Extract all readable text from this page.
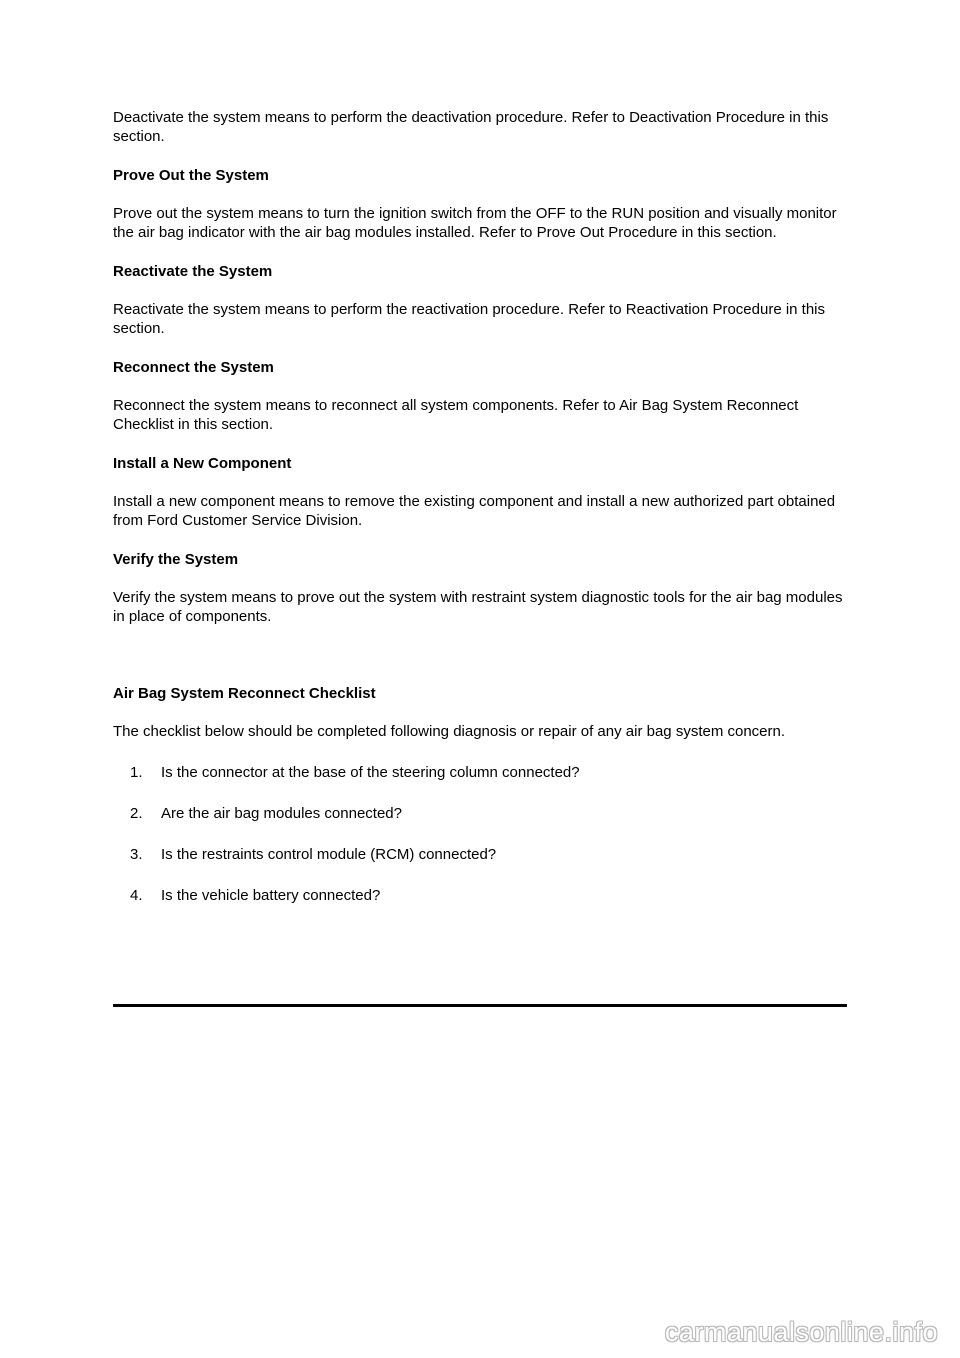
Deactivate the system means to perform the deactivation procedure. Refer to Deactivation Procedure in this section.

Prove Out the System

Prove out the system means to turn the ignition switch from the OFF to the RUN position and visually monitor the air bag indicator with the air bag modules installed. Refer to Prove Out Procedure in this section.

Reactivate the System

Reactivate the system means to perform the reactivation procedure. Refer to Reactivation Procedure in this section.

Reconnect the System

Reconnect the system means to reconnect all system components. Refer to Air Bag System Reconnect Checklist in this section.

Install a New Component

Install a new component means to remove the existing component and install a new authorized part obtained from Ford Customer Service Division.

Verify the System

Verify the system means to prove out the system with restraint system diagnostic tools for the air bag modules in place of components.

Air Bag System Reconnect Checklist

The checklist below should be completed following diagnosis or repair of any air bag system concern.

1.	Is the connector at the base of the steering column connected?
2.	Are the air bag modules connected?
3.	Is the restraints control module (RCM) connected?
4.	Is the vehicle battery connected?
carmanualsonline.info
